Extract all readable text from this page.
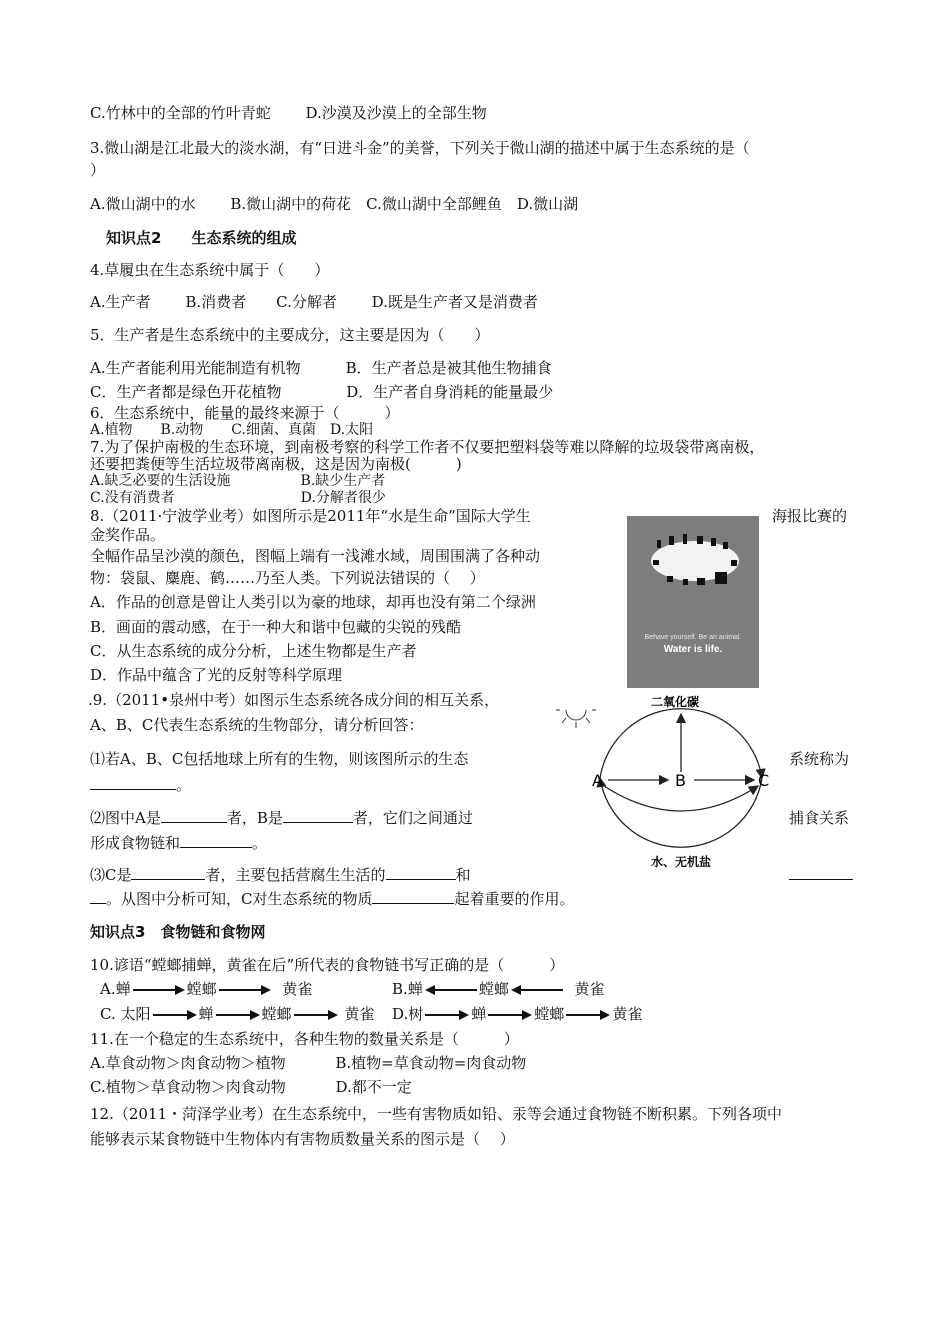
C.竹林中的全部的竹叶青蛇　　 D.沙漠及沙漠上的全部生物
3.微山湖是江北最大的淡水湖，有“日进斗金”的美誉，下列关于微山湖的描述中属于生态系统的是（
）
A.微山湖中的水　　 B.微山湖中的荷花　C.微山湖中全部鲤鱼　D.微山湖
知识点2　　生态系统的组成
4.草履虫在生态系统中属于（　　）
A.生产者　　 B.消费者　　C.分解者　　 D.既是生产者又是消费者
5．生产者是生态系统中的主要成分，这主要是因为（　　）
A.生产者能利用光能制造有机物　　　B．生产者总是被其他生物捕食
C．生产者都是绿色开花植物　　　　 D．生产者自身消耗的能量最少
6．生态系统中，能量的最终来源于（　　　）
A.植物　　B.动物　　C.细菌、真菌　D.太阳
7.为了保护南极的生态环境，到南极考察的科学工作者不仅要把塑料袋等难以降解的垃圾袋带离南极，
还要把粪便等生活垃圾带离南极，这是因为南极(　　　)
A.缺乏必要的生活设施　　　　　B.缺少生产者
C.没有消费者　　　　　　　　　D.分解者很少
8.（2011·宁波学业考）如图所示是2011年“水是生命”国际大学生	海报比赛的
金奖作品。
全幅作品呈沙漠的颜色，图幅上端有一浅滩水域，周围围满了各种动
物：袋鼠、麋鹿、鹤……乃至人类。下列说法错误的（　 ）
A．作品的创意是曾让人类引以为豪的地球，却再也没有第二个绿洲
B．画面的震动感，在于一种大和谐中包藏的尖锐的残酷
C．从生态系统的成分分析，上述生物都是生产者
D．作品中蕴含了光的反射等科学原理
Behave yourself. Be an animal.
Water is life.
.9.（2011•泉州中考）如图示生态系统各成分间的相互关系，
A、B、C代表生态系统的生物部分，请分析回答：
二氧化碳
水、无机盐
A	B	C
⑴若A、B、C包括地球上所有的生物，则该图所示的生态	系统称为
。
⑵图中A是	者，B是	者，它们之间通过	捕食关系
形成食物链和	。
⑶C是	者，主要包括营腐生生活的	和
。从图中分析可知，C对生态系统的物质	起着重要的作用。
知识点3　食物链和食物网
10.谚语“螳螂捕蝉，黄雀在后”所代表的食物链书写正确的是（　　　）
A.蝉	螳螂	黄雀	B.蝉	螳螂	黄雀
C. 太阳	蝉	螳螂	黄雀 D.树	蝉	螳螂	黄雀
11.在一个稳定的生态系统中，各种生物的数量关系是（　　　）
A.草食动物＞肉食动物＞植物　　　 B.植物=草食动物=肉食动物
C.植物＞草食动物＞肉食动物　　　 D.都不一定
12.（2011・菏泽学业考）在生态系统中，一些有害物质如铅、汞等会通过食物链不断积累。下列各项中
能够表示某食物链中生物体内有害物质数量关系的图示是（　 ）
